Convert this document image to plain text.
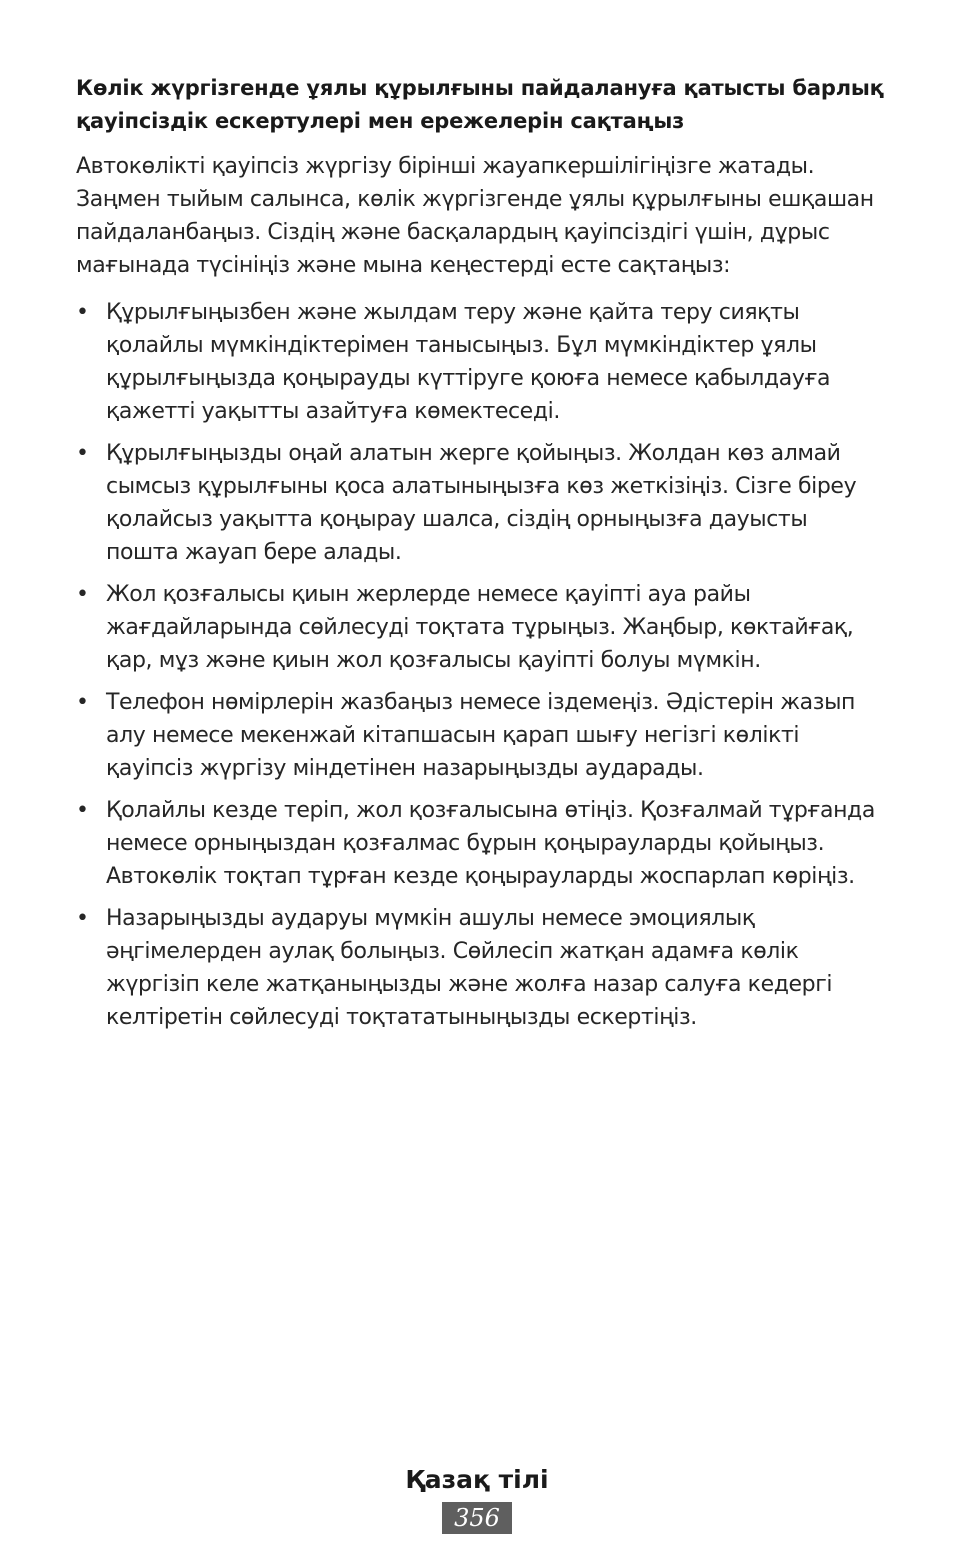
Көлік жүргізгенде ұялы құрылғыны пайдалануға қатысты барлық қауіпсіздік ескертулері мен ережелерін сақтаңыз

Автокөлікті қауіпсіз жүргізу бірінші жауапкершілігіңізге жатады. Заңмен тыйым салынса, көлік жүргізгенде ұялы құрылғыны ешқашан пайдаланбаңыз. Сіздің және басқалардың қауіпсіздігі үшін, дұрыс мағынада түсініңіз және мына кеңестерді есте сақтаңыз:

• Құрылғыңызбен және жылдам теру және қайта теру сияқты қолайлы мүмкіндіктерімен танысыңыз. Бұл мүмкіндіктер ұялы құрылғыңызда қоңырауды күттіруге қоюға немесе қабылдауға қажетті уақытты азайтуға көмектеседі.
• Құрылғыңызды оңай алатын жерге қойыңыз. Жолдан көз алмай сымсыз құрылғыны қоса алатыныңызға көз жеткізіңіз. Сізге біреу қолайсыз уақытта қоңырау шалса, сіздің орныңызға дауысты пошта жауап бере алады.
• Жол қозғалысы қиын жерлерде немесе қауіпті ауа райы жағдайларында сөйлесуді тоқтата тұрыңыз. Жаңбыр, көктайғақ, қар, мұз және қиын жол қозғалысы қауіпті болуы мүмкін.
• Телефон нөмірлерін жазбаңыз немесе іздемеңіз. Әдістерін жазып алу немесе мекенжай кітапшасын қарап шығу негізгі көлікті қауіпсіз жүргізу міндетінен назарыңызды аударады.
• Қолайлы кезде теріп, жол қозғалысына өтіңіз. Қозғалмай тұрғанда немесе орныңыздан қозғалмас бұрын қоңырауларды қойыңыз. Автокөлік тоқтап тұрған кезде қоңырауларды жоспарлап көріңіз.
• Назарыңызды аударуы мүмкін ашулы немесе эмоциялық әңгімелерден аулақ болыңыз. Сөйлесіп жатқан адамға көлік жүргізіп келе жатқаныңызды және жолға назар салуға кедергі келтіретін сөйлесуді тоқтататыныңызды ескертіңіз.
Қазақ тілі
356
